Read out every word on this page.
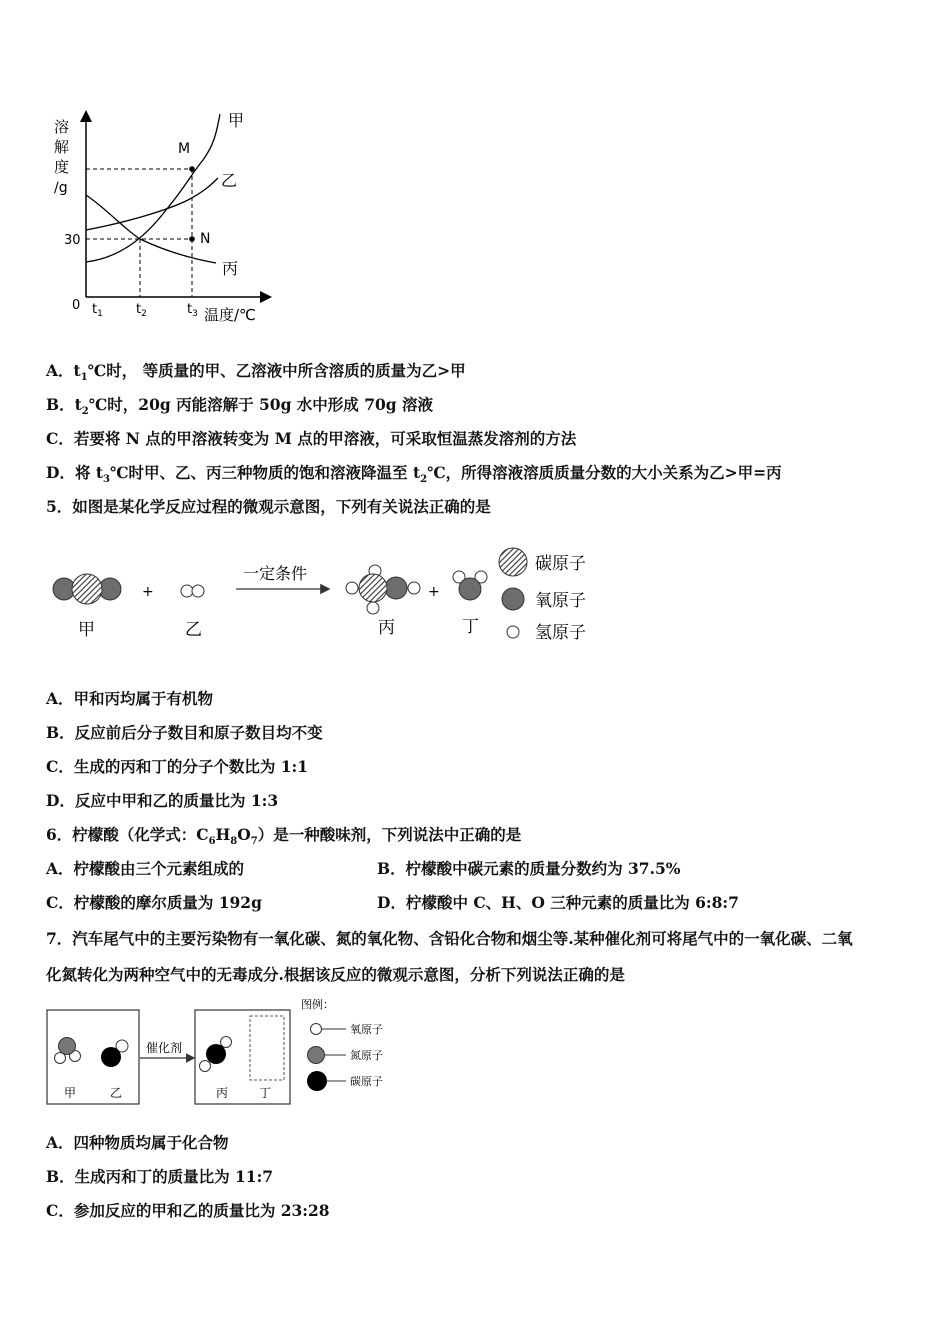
溶
解
度
/g
30
0 $t_1$	$t_2$	$t_3$ 温度/℃
甲
乙
丙
M
N
A．$t_1℃$时， 等质量的甲、乙溶液中所含溶质的质量为乙>甲
B．$t_2℃$时，20g 丙能溶解于 50g 水中形成 70g 溶液
C．若要将 N 点的甲溶液转变为 M 点的甲溶液，可采取恒温蒸发溶剂的方法
D．将 $t_3℃$时甲、乙、丙三种物质的饱和溶液降温至 $t_2℃$，所得溶液溶质质量分数的大小关系为乙>甲=丙
5．如图是某化学反应过程的微观示意图，下列有关说法正确的是
甲
+
乙
一定条件
丙
+
丁
碳原子
氧原子
氢原子
A．甲和丙均属于有机物
B．反应前后分子数目和原子数目均不变
C．生成的丙和丁的分子个数比为 1:1
D．反应中甲和乙的质量比为 1:3
6．柠檬酸（化学式：$C_6H_8O_7$）是一种酸味剂，下列说法中正确的是
A．柠檬酸由三个元素组成的	B．柠檬酸中碳元素的质量分数约为 37.5%
C．柠檬酸的摩尔质量为 192g	D．柠檬酸中 C、H、O 三种元素的质量比为 6:8:7
7．汽车尾气中的主要污染物有一氧化碳、氮的氧化物、含铅化合物和烟尘等.某种催化剂可将尾气中的一氧化碳、二氧
化氮转化为两种空气中的无毒成分.根据该反应的微观示意图，分析下列说法正确的是
甲	乙
催化剂
丙	丁
图例：
氧原子
氮原子
碳原子
A．四种物质均属于化合物
B．生成丙和丁的质量比为 11:7
C．参加反应的甲和乙的质量比为 23:28
